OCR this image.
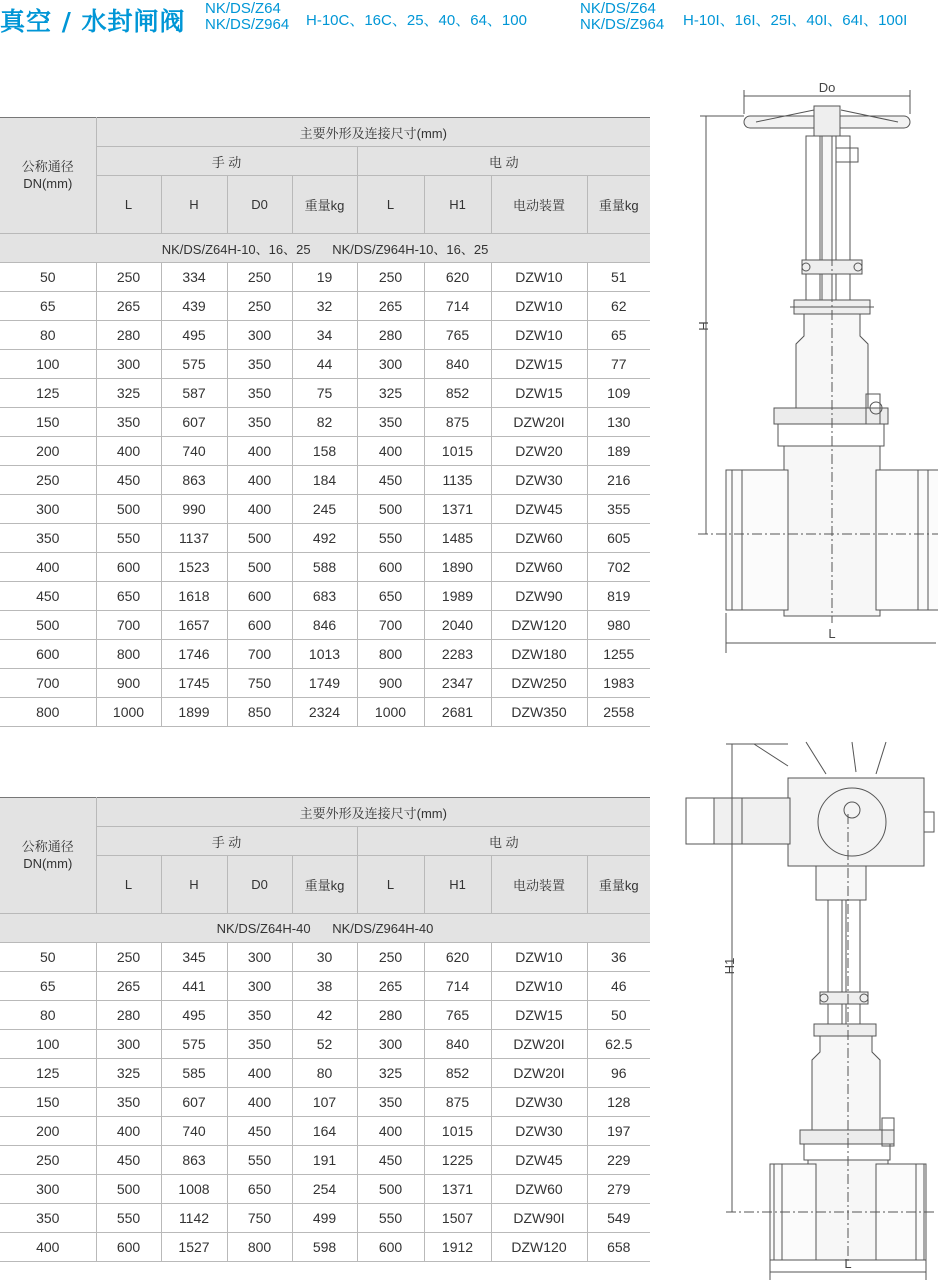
真空 / 水封闸阀 NK/DS/Z64
NK/DS/Z964 H-10C、16C、25、40、64、100
NK/DS/Z64
NK/DS/Z964 H-10I、16I、25I、40I、64I、100I
公称通径
DN(mm)	主要外形及连接尺寸(mm)							
	手 动				电 动			
	L	H	D0	重量kg	L	H1	电动装置	重量kg
NK/DS/Z64H-10、16、25      NK/DS/Z964H-10、16、25								
50	250	334	250	19	250	620	DZW10	51
65	265	439	250	32	265	714	DZW10	62
80	280	495	300	34	280	765	DZW10	65
100	300	575	350	44	300	840	DZW15	77
125	325	587	350	75	325	852	DZW15	109
150	350	607	350	82	350	875	DZW20I	130
200	400	740	400	158	400	1015	DZW20	189
250	450	863	400	184	450	1135	DZW30	216
300	500	990	400	245	500	1371	DZW45	355
350	550	1137	500	492	550	1485	DZW60	605
400	600	1523	500	588	600	1890	DZW60	702
450	650	1618	600	683	650	1989	DZW90	819
500	700	1657	600	846	700	2040	DZW120	980
600	800	1746	700	1013	800	2283	DZW180	1255
700	900	1745	750	1749	900	2347	DZW250	1983
800	1000	1899	850	2324	1000	2681	DZW350	2558
公称通径
DN(mm)	主要外形及连接尺寸(mm)							
	手 动				电 动			
	L	H	D0	重量kg	L	H1	电动装置	重量kg
NK/DS/Z64H-40      NK/DS/Z964H-40								
50	250	345	300	30	250	620	DZW10	36
65	265	441	300	38	265	714	DZW10	46
80	280	495	350	42	280	765	DZW15	50
100	300	575	350	52	300	840	DZW20I	62.5
125	325	585	400	80	325	852	DZW20I	96
150	350	607	400	107	350	875	DZW30	128
200	400	740	450	164	400	1015	DZW30	197
250	450	863	550	191	450	1225	DZW45	229
300	500	1008	650	254	500	1371	DZW60	279
350	550	1142	750	499	550	1507	DZW90I	549
400	600	1527	800	598	600	1912	DZW120	658
Do
H
L
H1
L
